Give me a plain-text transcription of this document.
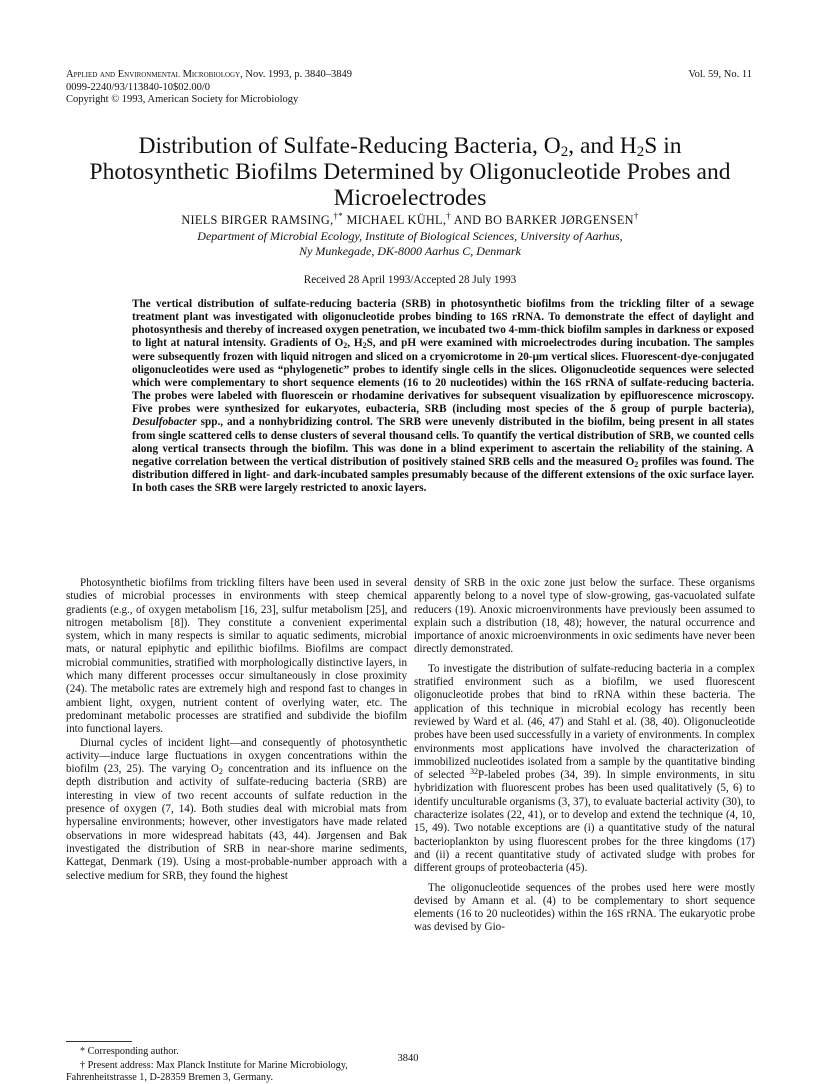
Applied and Environmental Microbiology, Nov. 1993, p. 3840–3849
0099-2240/93/113840-10$02.00/0
Copyright © 1993, American Society for Microbiology
Vol. 59, No. 11
Distribution of Sulfate-Reducing Bacteria, $O_2$, and $H_2S$ in Photosynthetic Biofilms Determined by Oligonucleotide Probes and Microelectrodes
NIELS BIRGER RAMSING,†* MICHAEL KÜHL,† AND BO BARKER JØRGENSEN†
Department of Microbial Ecology, Institute of Biological Sciences, University of Aarhus,
Ny Munkegade, DK-8000 Aarhus C, Denmark
Received 28 April 1993/Accepted 28 July 1993

The vertical distribution of sulfate-reducing bacteria (SRB) in photosynthetic biofilms from the trickling filter of a sewage treatment plant was investigated with oligonucleotide probes binding to 16S rRNA. To demonstrate the effect of daylight and photosynthesis and thereby of increased oxygen penetration, we incubated two 4-mm-thick biofilm samples in darkness or exposed to light at natural intensity. Gradients of $O_2$, $H_2S$, and pH were examined with microelectrodes during incubation. The samples were subsequently frozen with liquid nitrogen and sliced on a cryomicrotome in 20-μm vertical slices. Fluorescent-dye-conjugated oligonucleotides were used as “phylogenetic” probes to identify single cells in the slices. Oligonucleotide sequences were selected which were complementary to short sequence elements (16 to 20 nucleotides) within the 16S rRNA of sulfate-reducing bacteria. The probes were labeled with fluorescein or rhodamine derivatives for subsequent visualization by epifluorescence microscopy. Five probes were synthesized for eukaryotes, eubacteria, SRB (including most species of the δ group of purple bacteria), Desulfobacter spp., and a nonhybridizing control. The SRB were unevenly distributed in the biofilm, being present in all states from single scattered cells to dense clusters of several thousand cells. To quantify the vertical distribution of SRB, we counted cells along vertical transects through the biofilm. This was done in a blind experiment to ascertain the reliability of the staining. A negative correlation between the vertical distribution of positively stained SRB cells and the measured $O_2$ profiles was found. The distribution differed in light- and dark-incubated samples presumably because of the different extensions of the oxic surface layer. In both cases the SRB were largely restricted to anoxic layers.

Photosynthetic biofilms from trickling filters have been used in several studies of microbial processes in environments with steep chemical gradients (e.g., of oxygen metabolism [16, 23], sulfur metabolism [25], and nitrogen metabolism [8]). They constitute a convenient experimental system, which in many respects is similar to aquatic sediments, microbial mats, or natural epiphytic and epilithic biofilms. Biofilms are compact microbial communities, stratified with morphologically distinctive layers, in which many different processes occur simultaneously in close proximity (24). The metabolic rates are extremely high and respond fast to changes in ambient light, oxygen, nutrient content of overlying water, etc. The predominant metabolic processes are stratified and subdivide the biofilm into functional layers.

Diurnal cycles of incident light—and consequently of photosynthetic activity—induce large fluctuations in oxygen concentrations within the biofilm (23, 25). The varying $O_2$ concentration and its influence on the depth distribution and activity of sulfate-reducing bacteria (SRB) are interesting in view of two recent accounts of sulfate reduction in the presence of oxygen (7, 14). Both studies deal with microbial mats from hypersaline environments; however, other investigators have made related observations in more widespread habitats (43, 44). Jørgensen and Bak investigated the distribution of SRB in near-shore marine sediments, Kattegat, Denmark (19). Using a most-probable-number approach with a selective medium for SRB, they found the highest

density of SRB in the oxic zone just below the surface. These organisms apparently belong to a novel type of slow-growing, gas-vacuolated sulfate reducers (19). Anoxic microenvironments have previously been assumed to explain such a distribution (18, 48); however, the natural occurrence and importance of anoxic microenvironments in oxic sediments have never been directly demonstrated.

To investigate the distribution of sulfate-reducing bacteria in a complex stratified environment such as a biofilm, we used fluorescent oligonucleotide probes that bind to rRNA within these bacteria. The application of this technique in microbial ecology has recently been reviewed by Ward et al. (46, 47) and Stahl et al. (38, 40). Oligonucleotide probes have been used successfully in a variety of environments. In complex environments most applications have involved the characterization of immobilized nucleotides isolated from a sample by the quantitative binding of selected $^{32}$P-labeled probes (34, 39). In simple environments, in situ hybridization with fluorescent probes has been used qualitatively (5, 6) to identify unculturable organisms (3, 37), to evaluate bacterial activity (30), to characterize isolates (22, 41), or to develop and extend the technique (4, 10, 15, 49). Two notable exceptions are (i) a quantitative study of the natural bacterioplankton by using fluorescent probes for the three kingdoms (17) and (ii) a recent quantitative study of activated sludge with probes for different groups of proteobacteria (45).

The oligonucleotide sequences of the probes used here were mostly devised by Amann et al. (4) to be complementary to short sequence elements (16 to 20 nucleotides) within the 16S rRNA. The eukaryotic probe was devised by Gio-

* Corresponding author.
† Present address: Max Planck Institute for Marine Microbiology, Fahrenheitstrasse 1, D-28359 Bremen 3, Germany.
3840
